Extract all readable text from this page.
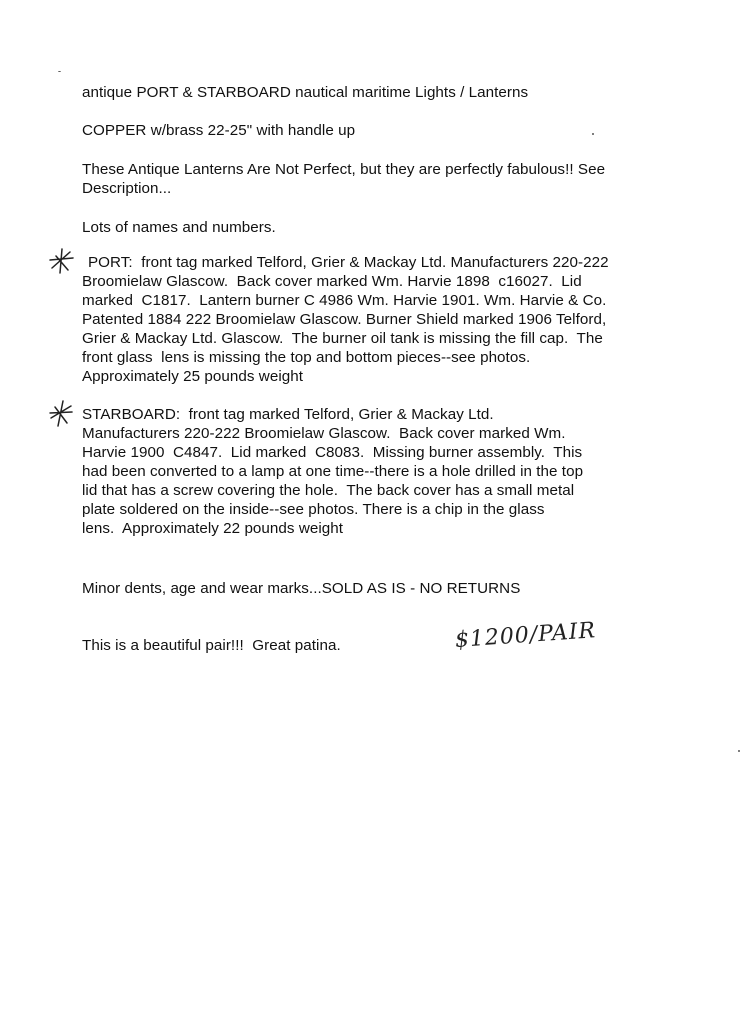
antique PORT & STARBOARD nautical maritime Lights / Lanterns
COPPER w/brass 22-25" with handle up
These Antique Lanterns Are Not Perfect, but they are perfectly fabulous!! See
Description...
Lots of names and numbers.
PORT:  front tag marked Telford, Grier & Mackay Ltd. Manufacturers 220-222
Broomielaw Glascow.  Back cover marked Wm. Harvie 1898  c16027.  Lid
marked  C1817.  Lantern burner C 4986 Wm. Harvie 1901. Wm. Harvie & Co.
Patented 1884 222 Broomielaw Glascow. Burner Shield marked 1906 Telford,
Grier & Mackay Ltd. Glascow.  The burner oil tank is missing the fill cap.  The
front glass  lens is missing the top and bottom pieces--see photos.
Approximately 25 pounds weight
STARBOARD:  front tag marked Telford, Grier & Mackay Ltd.
Manufacturers 220-222 Broomielaw Glascow.  Back cover marked Wm.
Harvie 1900  C4847.  Lid marked  C8083.  Missing burner assembly.  This
had been converted to a lamp at one time--there is a hole drilled in the top
lid that has a screw covering the hole.  The back cover has a small metal
plate soldered on the inside--see photos. There is a chip in the glass
lens.  Approximately 22 pounds weight
Minor dents, age and wear marks...SOLD AS IS - NO RETURNS
This is a beautiful pair!!!  Great patina.	$1200/PAIR
